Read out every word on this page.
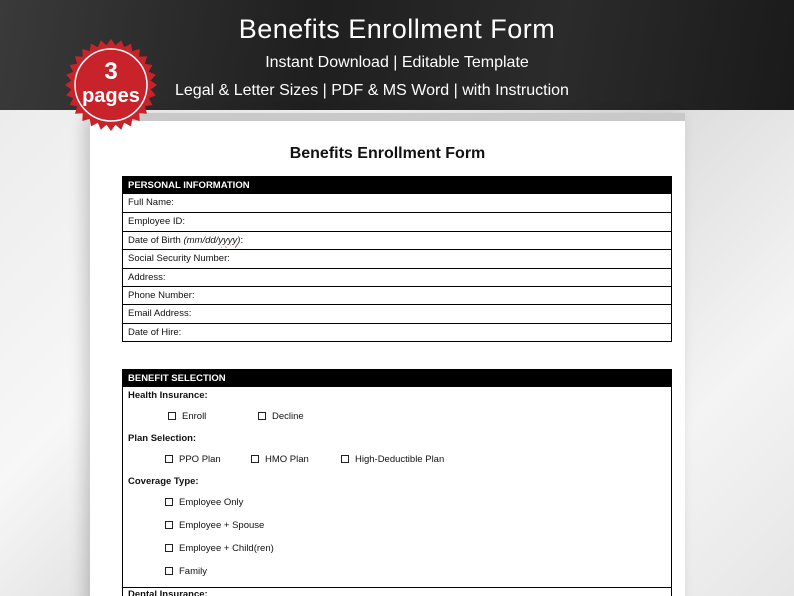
Benefits Enrollment Form
Instant Download | Editable Template
Legal & Letter Sizes | PDF & MS Word | with Instruction
3
pages
Benefits Enrollment Form
PERSONAL INFORMATION
Full Name:
Employee ID:
Date of Birth (mm/dd/yyyy):
Social Security Number:
Address:
Phone Number:
Email Address:
Date of Hire:
BENEFIT SELECTION
Health Insurance:
Enroll	Decline
Plan Selection:
PPO Plan	HMO Plan	High-Deductible Plan
Coverage Type:
Employee Only
Employee + Spouse
Employee + Child(ren)
Family
Dental Insurance:
